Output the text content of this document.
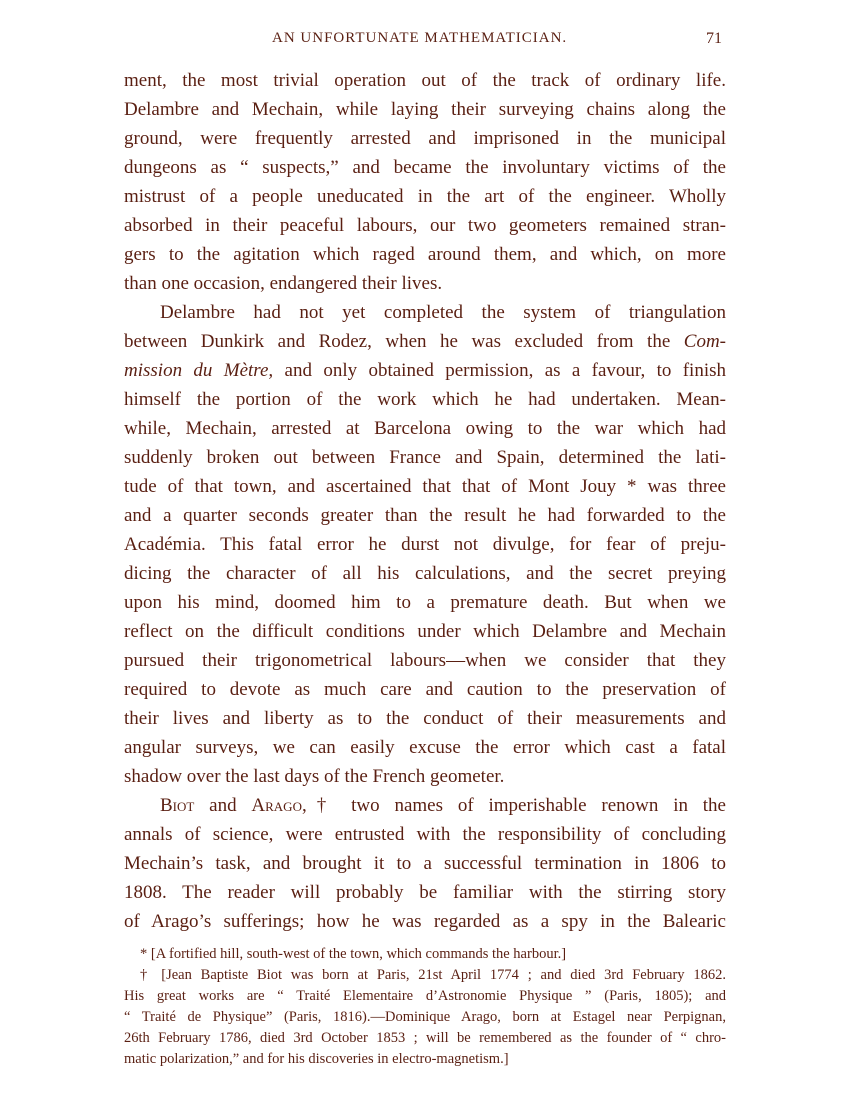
AN UNFORTUNATE MATHEMATICIAN.	71
ment, the most trivial operation out of the track of ordinary life.
Delambre and Mechain, while laying their surveying chains along the
ground, were frequently arrested and imprisoned in the municipal
dungeons as “ suspects,” and became the involuntary victims of the
mistrust of a people uneducated in the art of the engineer. Wholly
absorbed in their peaceful labours, our two geometers remained stran-
gers to the agitation which raged around them, and which, on more
than one occasion, endangered their lives.
Delambre had not yet completed the system of triangulation
between Dunkirk and Rodez, when he was excluded from the Com-
mission du Mètre, and only obtained permission, as a favour, to finish
himself the portion of the work which he had undertaken. Mean-
while, Mechain, arrested at Barcelona owing to the war which had
suddenly broken out between France and Spain, determined the lati-
tude of that town, and ascertained that that of Mont Jouy * was three
and a quarter seconds greater than the result he had forwarded to the
Académia. This fatal error he durst not divulge, for fear of preju-
dicing the character of all his calculations, and the secret preying
upon his mind, doomed him to a premature death. But when we
reflect on the difficult conditions under which Delambre and Mechain
pursued their trigonometrical labours—when we consider that they
required to devote as much care and caution to the preservation of
their lives and liberty as to the conduct of their measurements and
angular surveys, we can easily excuse the error which cast a fatal
shadow over the last days of the French geometer.
Biot and Arago,† two names of imperishable renown in the
annals of science, were entrusted with the responsibility of concluding
Mechain’s task, and brought it to a successful termination in 1806 to
1808. The reader will probably be familiar with the stirring story
of Arago’s sufferings; how he was regarded as a spy in the Balearic
* [A fortified hill, south-west of the town, which commands the harbour.]
† [Jean Baptiste Biot was born at Paris, 21st April 1774 ; and died 3rd February 1862.
His great works are “ Traité Elementaire d’Astronomie Physique ” (Paris, 1805); and
“ Traité de Physique” (Paris, 1816).—Dominique Arago, born at Estagel near Perpignan,
26th February 1786, died 3rd October 1853 ; will be remembered as the founder of “ chro-
matic polarization,” and for his discoveries in electro-magnetism.]
